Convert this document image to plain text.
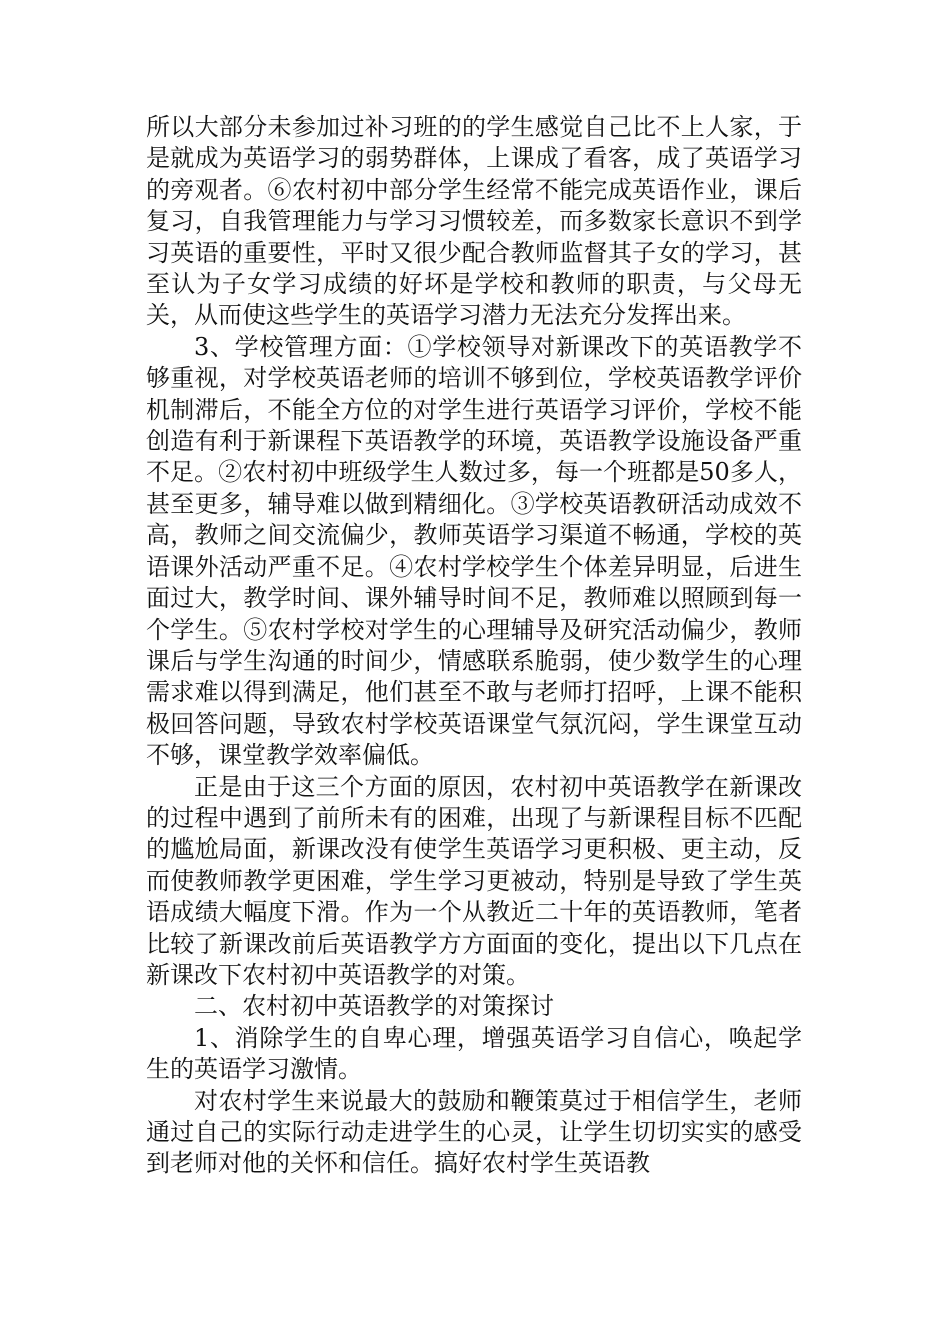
所以大部分未参加过补习班的的学生感觉自己比不上人家，于是就成为英语学习的弱势群体，上课成了看客，成了英语学习的旁观者。⑥农村初中部分学生经常不能完成英语作业，课后复习，自我管理能力与学习习惯较差，而多数家长意识不到学习英语的重要性，平时又很少配合教师监督其子女的学习，甚至认为子女学习成绩的好坏是学校和教师的职责，与父母无关，从而使这些学生的英语学习潜力无法充分发挥出来。

3、学校管理方面：①学校领导对新课改下的英语教学不够重视，对学校英语老师的培训不够到位，学校英语教学评价机制滞后，不能全方位的对学生进行英语学习评价，学校不能创造有利于新课程下英语教学的环境，英语教学设施设备严重不足。②农村初中班级学生人数过多，每一个班都是50多人，甚至更多，辅导难以做到精细化。③学校英语教研活动成效不高，教师之间交流偏少，教师英语学习渠道不畅通，学校的英语课外活动严重不足。④农村学校学生个体差异明显，后进生面过大，教学时间、课外辅导时间不足，教师难以照顾到每一个学生。⑤农村学校对学生的心理辅导及研究活动偏少，教师课后与学生沟通的时间少，情感联系脆弱，使少数学生的心理需求难以得到满足，他们甚至不敢与老师打招呼，上课不能积极回答问题，导致农村学校英语课堂气氛沉闷，学生课堂互动不够，课堂教学效率偏低。

正是由于这三个方面的原因，农村初中英语教学在新课改的过程中遇到了前所未有的困难，出现了与新课程目标不匹配的尴尬局面，新课改没有使学生英语学习更积极、更主动，反而使教师教学更困难，学生学习更被动，特别是导致了学生英语成绩大幅度下滑。作为一个从教近二十年的英语教师，笔者比较了新课改前后英语教学方方面面的变化，提出以下几点在新课改下农村初中英语教学的对策。

二、农村初中英语教学的对策探讨

1、消除学生的自卑心理，增强英语学习自信心，唤起学生的英语学习激情。

对农村学生来说最大的鼓励和鞭策莫过于相信学生，老师通过自己的实际行动走进学生的心灵，让学生切切实实的感受到老师对他的关怀和信任。搞好农村学生英语教
